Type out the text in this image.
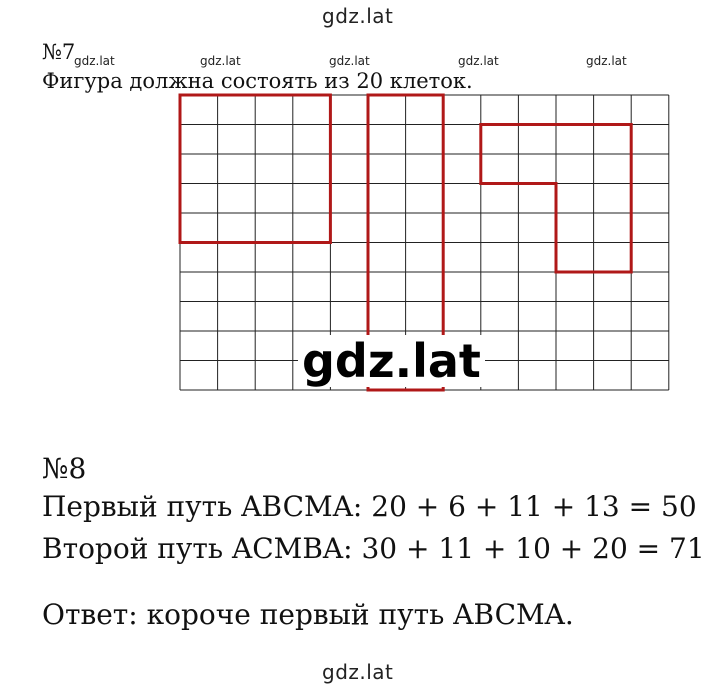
gdz.lat
№7
gdz.lat	gdz.lat	gdz.lat	gdz.lat	gdz.lat
Фигура должна состоять из 20 клеток.
gdz.lat
№8
Первый путь ABCMA: 20 + 6 + 11 + 13 = 50
Второй путь ACMBA: 30 + 11 + 10 + 20 = 71
Ответ: короче первый путь ABCMA.
gdz.lat
